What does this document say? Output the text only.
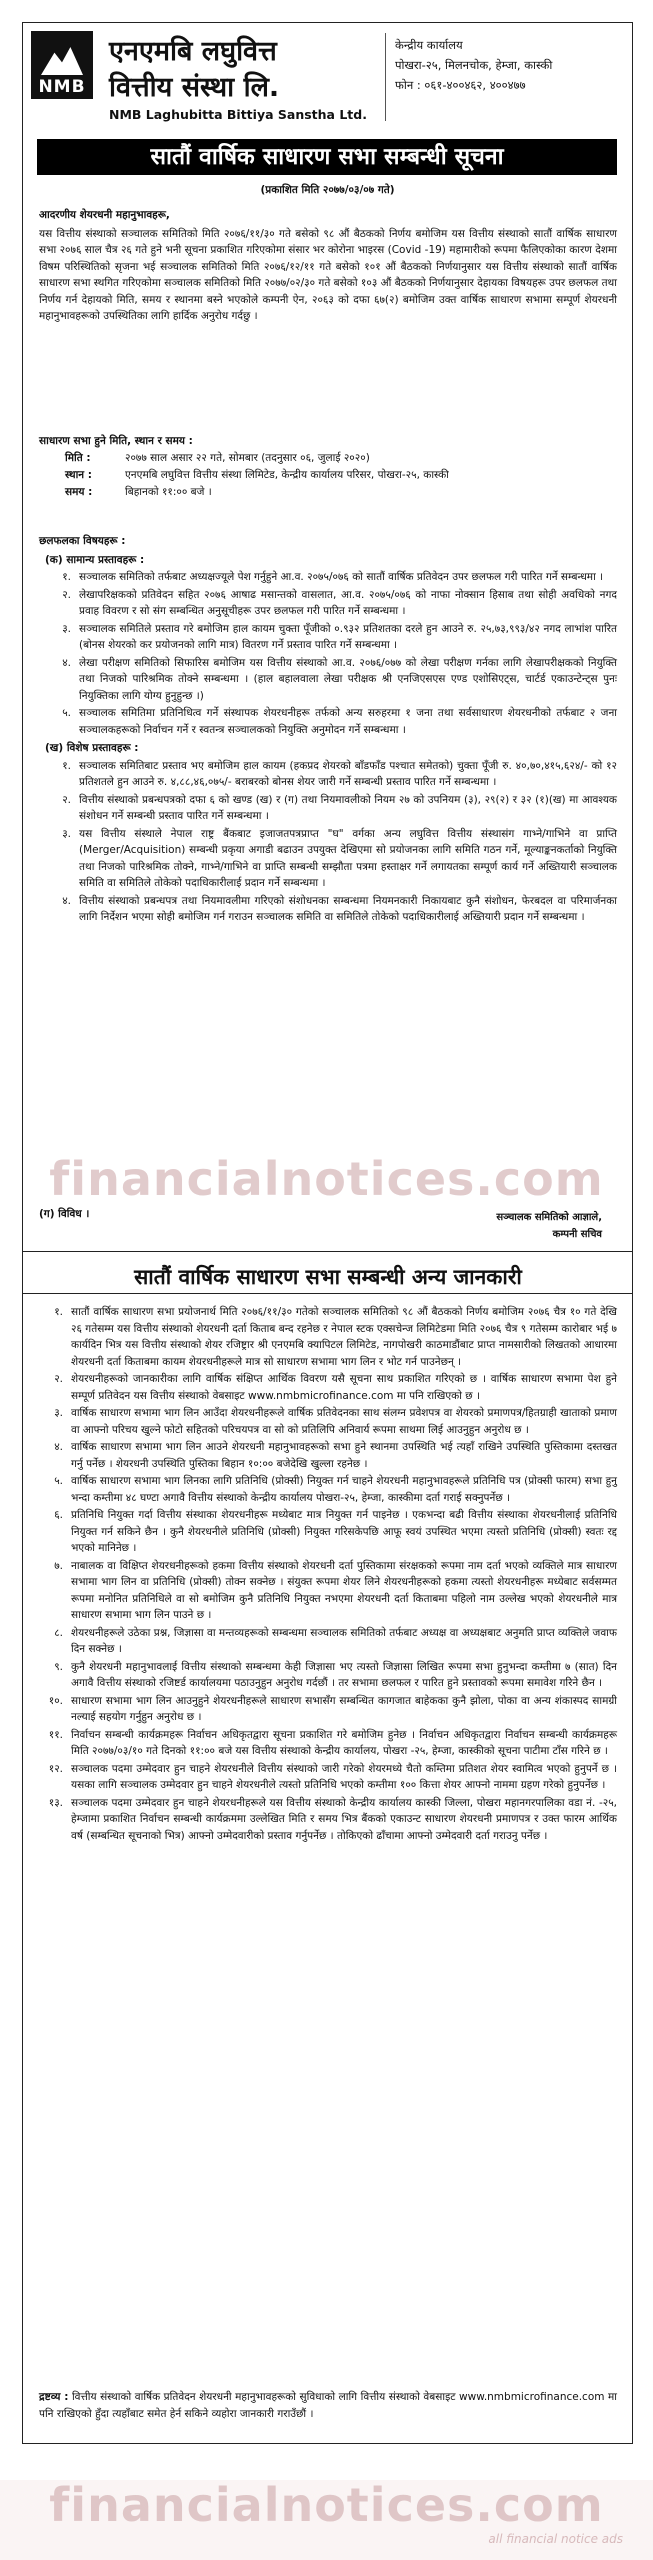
NMB
एनएमबि लघुवित्त
वित्तीय संस्था लि.
NMB Laghubitta Bittiya Sanstha Ltd.
केन्द्रीय कार्यालय
पोखरा-२५, मिलनचोक, हेम्जा, कास्की
फोन : ०६१-४००४६२, ४००४७७
सातौं वार्षिक साधारण सभा सम्बन्धी सूचना
(प्रकाशित मिति २०७७/०३/०७ गते)

आदरणीय शेयरधनी महानुभावहरू,

यस वित्तीय संस्थाको सञ्चालक समितिको मिति २०७६/११/३० गते बसेको ९८ औं बैठकको निर्णय बमोजिम यस वित्तीय संस्थाको सातौं वार्षिक साधारण सभा २०७६ साल चैत्र २६ गते हुने भनी सूचना प्रकाशित गरिएकोमा संसार भर कोरोना भाइरस (Covid -19) महामारीको रूपमा फैलिएकोका कारण देशमा विषम परिस्थितिको सृजना भई सञ्चालक समितिको मिति २०७६/१२/११ गते बसेको १०१ औं बैठकको निर्णयानुसार यस वित्तीय संस्थाको सातौं वार्षिक साधारण सभा स्थगित गरिएकोमा सञ्चालक समितिको मिति २०७७/०२/३० गते बसेको १०३ औं बैठकको निर्णयानुसार देहायका विषयहरू उपर छलफल तथा निर्णय गर्न देहायको मिति, समय र स्थानमा बस्ने भएकोले कम्पनी ऐन, २०६३ को दफा ६७(२) बमोजिम उक्त वार्षिक साधारण सभामा सम्पूर्ण शेयरधनी महानुभावहरूको उपस्थितिका लागि हार्दिक अनुरोध गर्दछु ।

साधारण सभा हुने मिति, स्थान र समय :
मिति :	२०७७ साल असार २२ गते, सोमबार (तदनुसार ०६, जुलाई २०२०)
स्थान :	एनएमबि लघुवित्त वित्तीय संस्था लिमिटेड, केन्द्रीय कार्यालय परिसर, पोखरा-२५, कास्की
समय :	बिहानको ११:०० बजे ।
छलफलका विषयहरू :
(क) सामान्य प्रस्तावहरू :
१. सञ्चालक समितिको तर्फबाट अध्यक्षज्यूले पेश गर्नुहुने आ.व. २०७५/०७६ को सातौं वार्षिक प्रतिवेदन उपर छलफल गरी पारित गर्ने सम्बन्धमा ।
२. लेखापरिक्षकको प्रतिवेदन सहित २०७६ आषाढ मसान्तको वासलात, आ.व. २०७५/०७६ को नाफा नोक्सान हिसाब तथा सोही अवधिको नगद प्रवाह विवरण र सो संग सम्बन्धित अनुसूचीहरू उपर छलफल गरी पारित गर्ने सम्बन्धमा ।
३. सञ्चालक समितिले प्रस्ताव गरे बमोजिम हाल कायम चुक्ता पूँजीको ०.९३२ प्रतिशतका दरले हुन आउने रु. २५,७३,९९३/४२ नगद लाभांश पारित (बोनस शेयरको कर प्रयोजनको लागि मात्र) वितरण गर्ने प्रस्ताव पारित गर्ने सम्बन्धमा ।
४. लेखा परीक्षण समितिको सिफारिस बमोजिम यस वित्तीय संस्थाको आ.व. २०७६/०७७ को लेखा परीक्षण गर्नका लागि लेखापरीक्षकको नियुक्ति तथा निजको पारिश्रमिक तोक्ने सम्बन्धमा । (हाल बहालवाला लेखा परीक्षक श्री एनजिएसएस एण्ड एशोसिएट्स, चार्टर्ड एकाउन्टेन्ट्स पुनः नियुक्तिका लागि योग्य हुनुहुन्छ ।)
५. सञ्चालक समितिमा प्रतिनिधित्व गर्ने संस्थापक शेयरधनीहरू तर्फको अन्य सरुहरमा १ जना तथा सर्वसाधारण शेयरधनीको तर्फबाट २ जना सञ्चालकहरूको निर्वाचन गर्ने र स्वतन्त्र सञ्चालकको नियुक्ति अनुमोदन गर्ने सम्बन्धमा ।
(ख) विशेष प्रस्तावहरू :
१. सञ्चालक समितिबाट प्रस्ताव भए बमोजिम हाल कायम (हकप्रद शेयरको बाँडफाँड पश्चात समेतको) चुक्ता पूँजी रु. ४०,७०,४१५,६२४/- को १२ प्रतिशतले हुन आउने रु. ४,८८,४६,०७५/- बराबरको बोनस शेयर जारी गर्ने सम्बन्धी प्रस्ताव पारित गर्ने सम्बन्धमा ।
२. वित्तीय संस्थाको प्रबन्धपत्रको दफा ६ को खण्ड (ख) र (ग) तथा नियमावलीको नियम २७ को उपनियम (३), २९(२) र ३२ (१)(ख) मा आवश्यक संशोधन गर्ने सम्बन्धी प्रस्ताव पारित गर्ने सम्बन्धमा ।
३. यस वित्तीय संस्थाले नेपाल राष्ट्र बैंकबाट इजाजतपत्रप्राप्त "घ" वर्गका अन्य लघुवित्त वित्तीय संस्थासंग गाभ्ने/गाभिने वा प्राप्ति (Merger/Acquisition) सम्बन्धी प्रकृया अगाडी बढाउन उपयुक्त देखिएमा सो प्रयोजनका लागि समिति गठन गर्ने, मूल्याङ्कनकर्ताको नियुक्ति तथा निजको पारिश्रमिक तोक्ने, गाभ्ने/गाभिने वा प्राप्ति सम्बन्धी सम्झौता पत्रमा हस्ताक्षर गर्ने लगायतका सम्पूर्ण कार्य गर्ने अख्तियारी सञ्चालक समिति वा समितिले तोकेको पदाधिकारीलाई प्रदान गर्ने सम्बन्धमा ।
४. वित्तीय संस्थाको प्रबन्धपत्र तथा नियमावलीमा गरिएको संशोधनका सम्बन्धमा नियमनकारी निकायबाट कुनै संशोधन, फेरबदल वा परिमार्जनका लागि निर्देशन भएमा सोही बमोजिम गर्न गराउन सञ्चालक समिति वा समितिले तोकेको पदाधिकारीलाई अख्तियारी प्रदान गर्ने सम्बन्धमा ।
(ग) विविध ।	सञ्चालक समितिको आज्ञाले,
कम्पनी सचिव
सातौं वार्षिक साधारण सभा सम्बन्धी अन्य जानकारी
१. सातौं वार्षिक साधारण सभा प्रयोजनार्थ मिति २०७६/११/३० गतेको सञ्चालक समितिको ९८ औं बैठकको निर्णय बमोजिम २०७६ चैत्र १० गते देखि २६ गतेसम्म यस वित्तीय संस्थाको शेयरधनी दर्ता किताब बन्द रहनेछ र नेपाल स्टक एक्सचेन्ज लिमिटेडमा मिति २०७६ चैत्र ९ गतेसम्म कारोबार भई ७ कार्यदिन भित्र यस वित्तीय संस्थाको शेयर रजिष्ट्रार श्री एनएमबि क्यापिटल लिमिटेड, नागपोखरी काठमाडौंबाट प्राप्त नामसारीको लिखतको आधारमा शेयरधनी दर्ता किताबमा कायम शेयरधनीहरूले मात्र सो साधारण सभामा भाग लिन र भोट गर्न पाउनेछन् ।
२. शेयरधनीहरूको जानकारीका लागि वार्षिक संक्षिप्त आर्थिक विवरण यसै सूचना साथ प्रकाशित गरिएको छ । वार्षिक साधारण सभामा पेश हुने सम्पूर्ण प्रतिवेदन यस वित्तीय संस्थाको वेबसाइट www.nmbmicrofinance.com मा पनि राखिएको छ ।
३. वार्षिक साधारण सभामा भाग लिन आउँदा शेयरधनीहरूले वार्षिक प्रतिवेदनका साथ संलग्न प्रवेशपत्र वा शेयरको प्रमाणपत्र/हितग्राही खाताको प्रमाण वा आफ्नो परिचय खुल्ने फोटो सहितको परिचयपत्र वा सो को प्रतिलिपि अनिवार्य रूपमा साथमा लिई आउनुहुन अनुरोध छ ।
४. वार्षिक साधारण सभामा भाग लिन आउने शेयरधनी महानुभावहरूको सभा हुने स्थानमा उपस्थिति भई त्यहाँ राखिने उपस्थिति पुस्तिकामा दस्तखत गर्नु पर्नेछ । शेयरधनी उपस्थिति पुस्तिका बिहान १०:०० बजेदेखि खुल्ला रहनेछ ।
५. वार्षिक साधारण सभामा भाग लिनका लागि प्रतिनिधि (प्रोक्सी) नियुक्त गर्न चाहने शेयरधनी महानुभावहरूले प्रतिनिधि पत्र (प्रोक्सी फारम) सभा हुनु भन्दा कम्तीमा ४८ घण्टा अगावै वित्तीय संस्थाको केन्द्रीय कार्यालय पोखरा-२५, हेम्जा, कास्कीमा दर्ता गराई सक्नुपर्नेछ ।
६. प्रतिनिधि नियुक्त गर्दा वित्तीय संस्थाका शेयरधनीहरू मध्येबाट मात्र नियुक्त गर्न पाइनेछ । एकभन्दा बढी वित्तीय संस्थाका शेयरधनीलाई प्रतिनिधि नियुक्त गर्न सकिने छैन । कुनै शेयरधनीले प्रतिनिधि (प्रोक्सी) नियुक्त गरिसकेपछि आफू स्वयं उपस्थित भएमा त्यस्तो प्रतिनिधि (प्रोक्सी) स्वतः रद्द भएको मानिनेछ ।
७. नाबालक वा विक्षिप्त शेयरधनीहरूको हकमा वित्तीय संस्थाको शेयरधनी दर्ता पुस्तिकामा संरक्षकको रूपमा नाम दर्ता भएको व्यक्तिले मात्र साधारण सभामा भाग लिन वा प्रतिनिधि (प्रोक्सी) तोक्न सक्नेछ । संयुक्त रूपमा शेयर लिने शेयरधनीहरूको हकमा त्यस्तो शेयरधनीहरू मध्येबाट सर्वसम्मत रूपमा मनोनित प्रतिनिधिले वा सो बमोजिम कुनै प्रतिनिधि नियुक्त नभएमा शेयरधनी दर्ता किताबमा पहिलो नाम उल्लेख भएको शेयरधनीले मात्र साधारण सभामा भाग लिन पाउने छ ।
८. शेयरधनीहरूले उठेका प्रश्न, जिज्ञासा वा मन्तव्यहरूको सम्बन्धमा सञ्चालक समितिको तर्फबाट अध्यक्ष वा अध्यक्षबाट अनुमति प्राप्त व्यक्तिले जवाफ दिन सक्नेछ ।
९. कुनै शेयरधनी महानुभावलाई वित्तीय संस्थाको सम्बन्धमा केही जिज्ञासा भए त्यस्तो जिज्ञासा लिखित रूपमा सभा हुनुभन्दा कम्तीमा ७ (सात) दिन अगावै वित्तीय संस्थाको रजिष्टर्ड कार्यालयमा पठाउनुहुन अनुरोध गर्दछौं । तर सभामा छलफल र पारित हुने प्रस्तावको रूपमा समावेश गरिने छैन ।
१०. साधारण सभामा भाग लिन आउनुहुने शेयरधनीहरूले साधारण सभासँग सम्बन्धित कागजात बाहेकका कुनै झोला, पोका वा अन्य शंकास्पद सामग्री नल्याई सहयोग गर्नुहुन अनुरोध छ ।
११. निर्वाचन सम्बन्धी कार्यक्रमहरू निर्वाचन अधिकृतद्वारा सूचना प्रकाशित गरे बमोजिम हुनेछ । निर्वाचन अधिकृतद्वारा निर्वाचन सम्बन्धी कार्यक्रमहरू मिति २०७७/०३/१० गते दिनको ११:०० बजे यस वित्तीय संस्थाको केन्द्रीय कार्यालय, पोखरा -२५, हेम्जा, कास्कीको सूचना पाटीमा टाँस गरिने छ ।
१२. सञ्चालक पदमा उम्मेदवार हुन चाहने शेयरधनीले वित्तीय संस्थाको जारी गरेको शेयरमध्ये चैतो कम्तिमा प्रतिशत शेयर स्वामित्व भएको हुनुपर्ने छ । यसका लागि सञ्चालक उम्मेदवार हुन चाहने शेयरधनीले त्यस्तो प्रतिनिधि भएको कम्तीमा १०० कित्ता शेयर आफ्नो नाममा ग्रहण गरेको हुनुपर्नेछ ।
१३. सञ्चालक पदमा उम्मेदवार हुन चाहने शेयरधनीहरूले यस वित्तीय संस्थाको केन्द्रीय कार्यालय कास्की जिल्ला, पोखरा महानगरपालिका वडा नं. -२५, हेम्जामा प्रकाशित निर्वाचन सम्बन्धी कार्यक्रममा उल्लेखित मिति र समय भित्र बैंकको एकाउन्ट साधारण शेयरधनी प्रमाणपत्र र उक्त फारम आर्थिक वर्ष (सम्बन्धित सूचनाको भित्र) आफ्नो उम्मेदवारीको प्रस्ताव गर्नुपर्नेछ । तोकिएको ढाँचामा आफ्नो उम्मेदवारी दर्ता गराउनु पर्नेछ ।
द्रष्टव्य : वित्तीय संस्थाको वार्षिक प्रतिवेदन शेयरधनी महानुभावहरूको सुविधाको लागि वित्तीय संस्थाको वेबसाइट www.nmbmicrofinance.com मा पनि राखिएको हुँदा त्यहाँबाट समेत हेर्न सकिने व्यहोरा जानकारी गराउँछौं ।
financialnotices.com
financialnotices.com
all financial notice ads
